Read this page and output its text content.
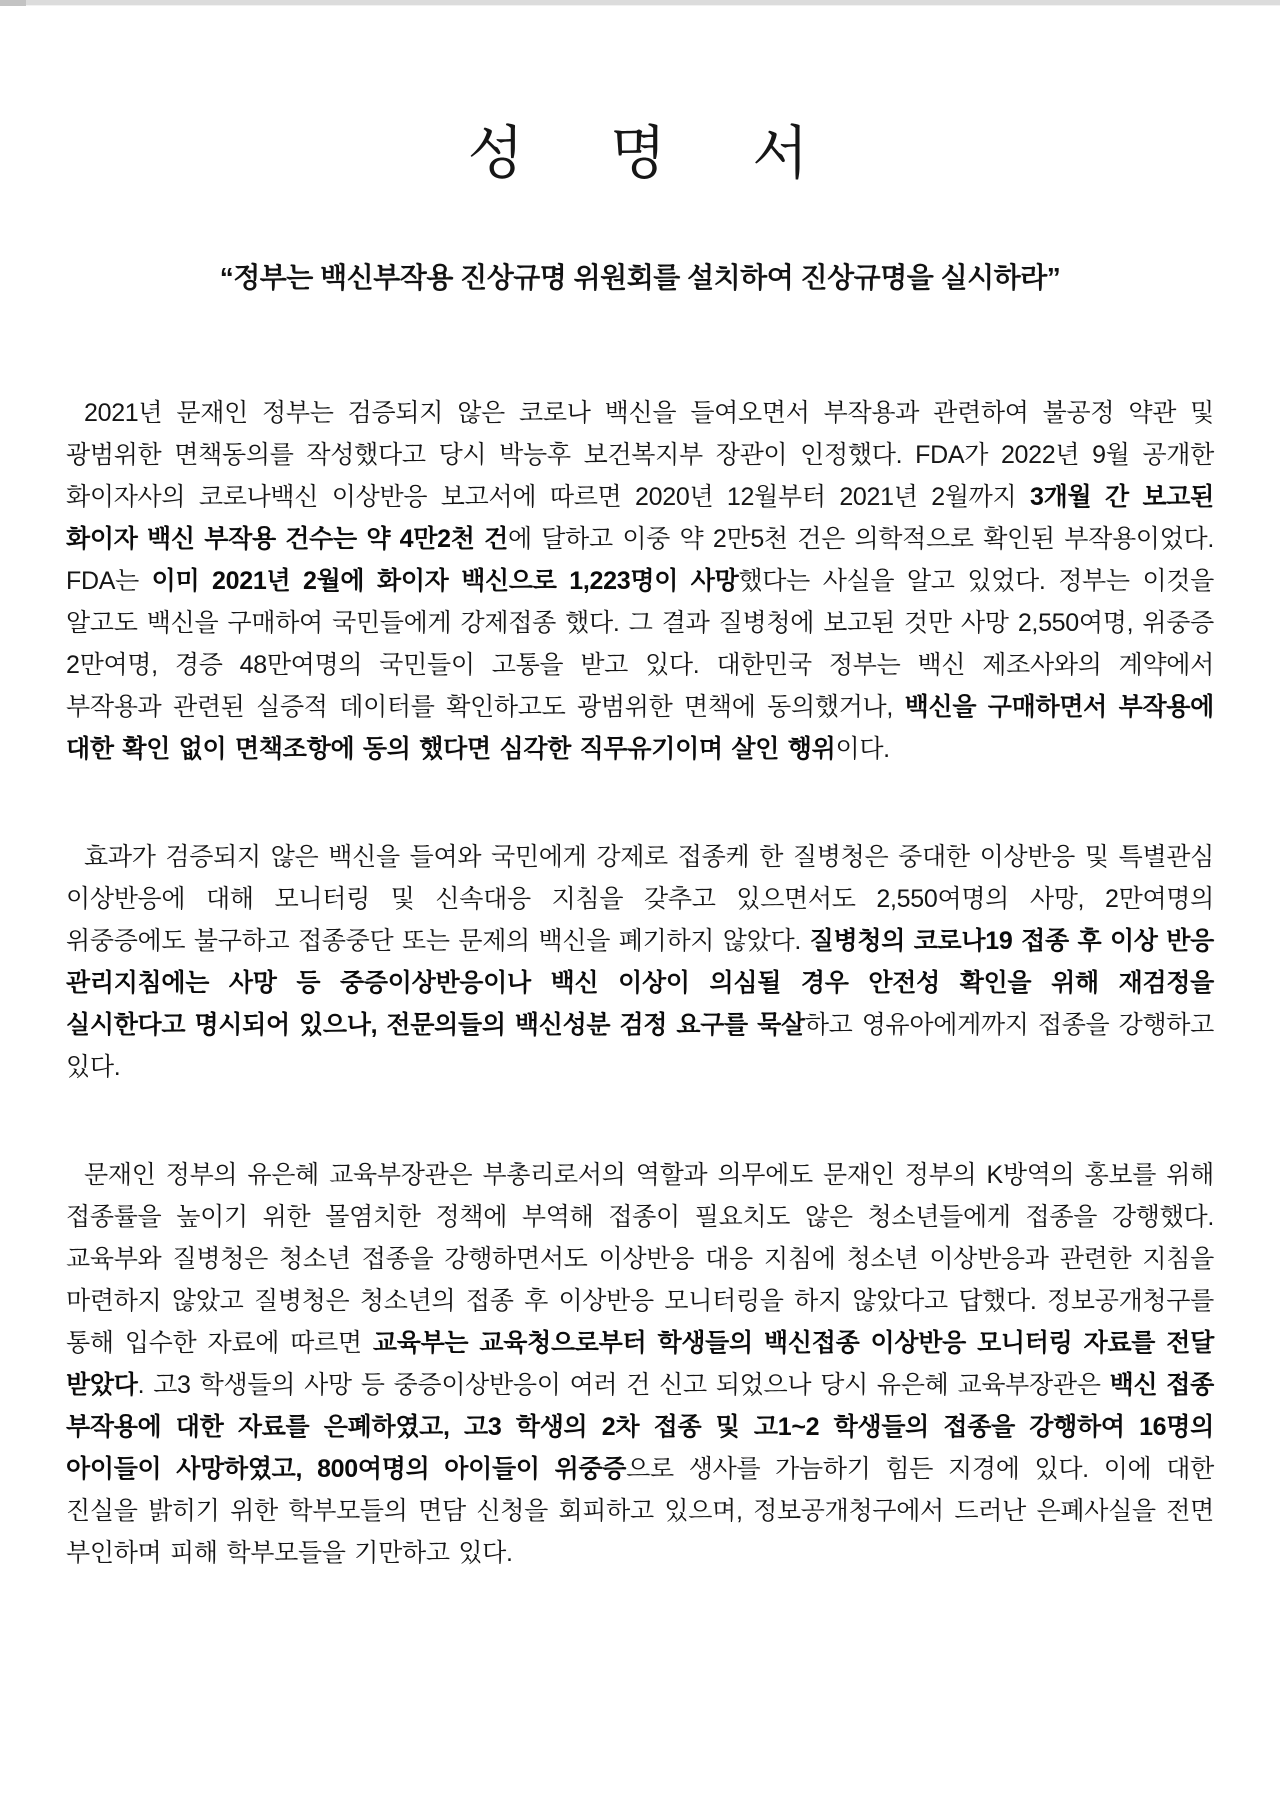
성 명 서
“정부는 백신부작용 진상규명 위원회를 설치하여 진상규명을 실시하라”

2021년 문재인 정부는 검증되지 않은 코로나 백신을 들여오면서 부작용과 관련하여 불공정 약관 및 광범위한 면책동의를 작성했다고 당시 박능후 보건복지부 장관이 인정했다. FDA가 2022년 9월 공개한 화이자사의 코로나백신 이상반응 보고서에 따르면 2020년 12월부터 2021년 2월까지 3개월 간 보고된 화이자 백신 부작용 건수는 약 4만2천 건에 달하고 이중 약 2만5천 건은 의학적으로 확인된 부작용이었다. FDA는 이미 2021년 2월에 화이자 백신으로 1,223명이 사망했다는 사실을 알고 있었다. 정부는 이것을 알고도 백신을 구매하여 국민들에게 강제접종 했다. 그 결과 질병청에 보고된 것만 사망 2,550여명, 위중증 2만여명, 경증 48만여명의 국민들이 고통을 받고 있다. 대한민국 정부는 백신 제조사와의 계약에서 부작용과 관련된 실증적 데이터를 확인하고도 광범위한 면책에 동의했거나, 백신을 구매하면서 부작용에 대한 확인 없이 면책조항에 동의 했다면 심각한 직무유기이며 살인 행위이다.

효과가 검증되지 않은 백신을 들여와 국민에게 강제로 접종케 한 질병청은 중대한 이상반응 및 특별관심 이상반응에 대해 모니터링 및 신속대응 지침을 갖추고 있으면서도 2,550여명의 사망, 2만여명의 위중증에도 불구하고 접종중단 또는 문제의 백신을 폐기하지 않았다. 질병청의 코로나19 접종 후 이상 반응 관리지침에는 사망 등 중증이상반응이나 백신 이상이 의심될 경우 안전성 확인을 위해 재검정을 실시한다고 명시되어 있으나, 전문의들의 백신성분 검정 요구를 묵살하고 영유아에게까지 접종을 강행하고 있다.

문재인 정부의 유은혜 교육부장관은 부총리로서의 역할과 의무에도 문재인 정부의 K방역의 홍보를 위해 접종률을 높이기 위한 몰염치한 정책에 부역해 접종이 필요치도 않은 청소년들에게 접종을 강행했다. 교육부와 질병청은 청소년 접종을 강행하면서도 이상반응 대응 지침에 청소년 이상반응과 관련한 지침을 마련하지 않았고 질병청은 청소년의 접종 후 이상반응 모니터링을 하지 않았다고 답했다. 정보공개청구를 통해 입수한 자료에 따르면 교육부는 교육청으로부터 학생들의 백신접종 이상반응 모니터링 자료를 전달 받았다. 고3 학생들의 사망 등 중증이상반응이 여러 건 신고 되었으나 당시 유은혜 교육부장관은 백신 접종 부작용에 대한 자료를 은폐하였고, 고3 학생의 2차 접종 및 고1~2 학생들의 접종을 강행하여 16명의 아이들이 사망하였고, 800여명의 아이들이 위중증으로 생사를 가늠하기 힘든 지경에 있다. 이에 대한 진실을 밝히기 위한 학부모들의 면담 신청을 회피하고 있으며, 정보공개청구에서 드러난 은폐사실을 전면 부인하며 피해 학부모들을 기만하고 있다.
